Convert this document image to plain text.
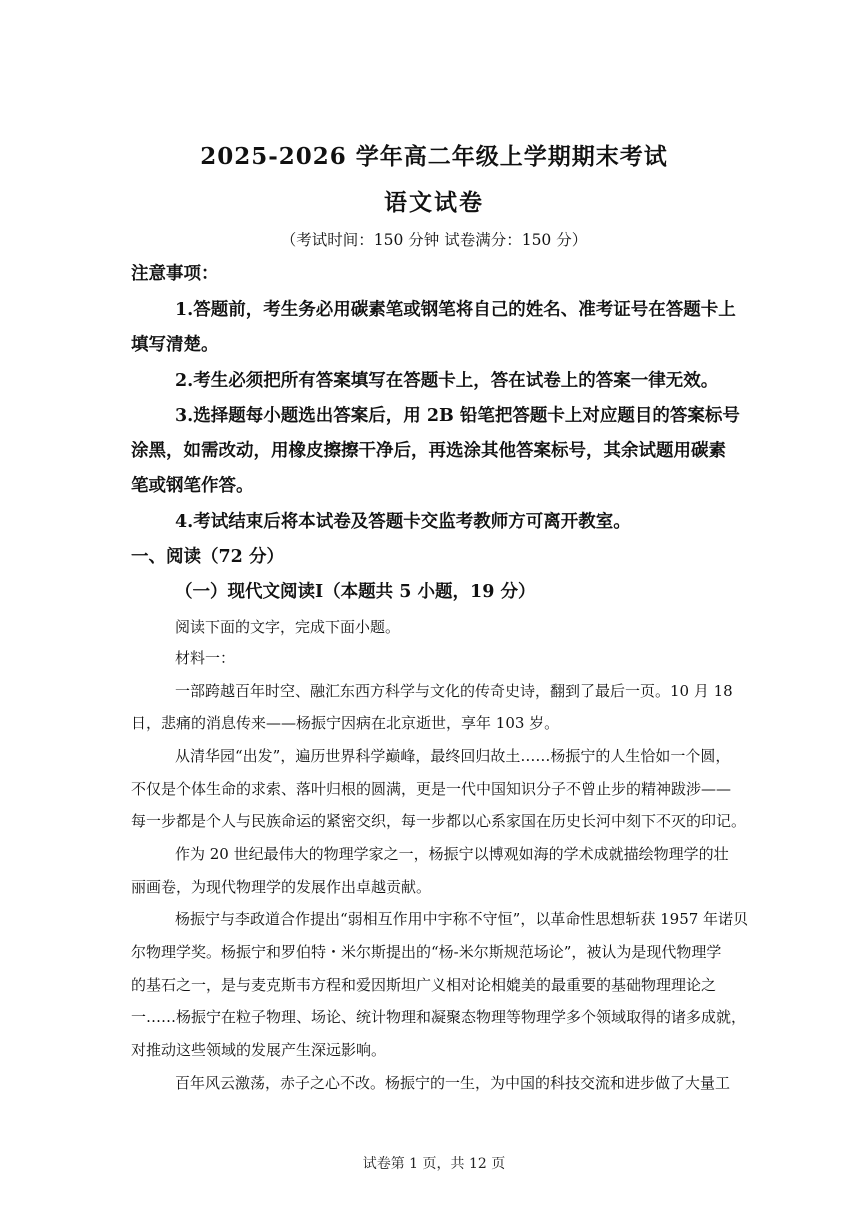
2025-2026 学年高二年级上学期期末考试
语文试卷
（考试时间：150 分钟 试卷满分：150 分）
注意事项：
1.答题前，考生务必用碳素笔或钢笔将自己的姓名、准考证号在答题卡上
填写清楚。
2.考生必须把所有答案填写在答题卡上，答在试卷上的答案一律无效。
3.选择题每小题选出答案后，用 2B 铅笔把答题卡上对应题目的答案标号
涂黑，如需改动，用橡皮擦擦干净后，再选涂其他答案标号，其余试题用碳素
笔或钢笔作答。
4.考试结束后将本试卷及答题卡交监考教师方可离开教室。
一、阅读（72 分）
（一）现代文阅读Ⅰ（本题共 5 小题，19 分）
阅读下面的文字，完成下面小题。
材料一：
一部跨越百年时空、融汇东西方科学与文化的传奇史诗，翻到了最后一页。10 月 18
日，悲痛的消息传来——杨振宁因病在北京逝世，享年 103 岁。
从清华园“出发”，遍历世界科学巅峰，最终回归故土……杨振宁的人生恰如一个圆，
不仅是个体生命的求索、落叶归根的圆满，更是一代中国知识分子不曾止步的精神跋涉——
每一步都是个人与民族命运的紧密交织，每一步都以心系家国在历史长河中刻下不灭的印记。
作为 20 世纪最伟大的物理学家之一，杨振宁以博观如海的学术成就描绘物理学的壮
丽画卷，为现代物理学的发展作出卓越贡献。
杨振宁与李政道合作提出“弱相互作用中宇称不守恒”，以革命性思想斩获 1957 年诺贝
尔物理学奖。杨振宁和罗伯特・米尔斯提出的“杨-米尔斯规范场论”，被认为是现代物理学
的基石之一，是与麦克斯韦方程和爱因斯坦广义相对论相媲美的最重要的基础物理理论之
一……杨振宁在粒子物理、场论、统计物理和凝聚态物理等物理学多个领域取得的诸多成就，
对推动这些领域的发展产生深远影响。
百年风云激荡，赤子之心不改。杨振宁的一生，为中国的科技交流和进步做了大量工
试卷第 1 页，共 12 页
